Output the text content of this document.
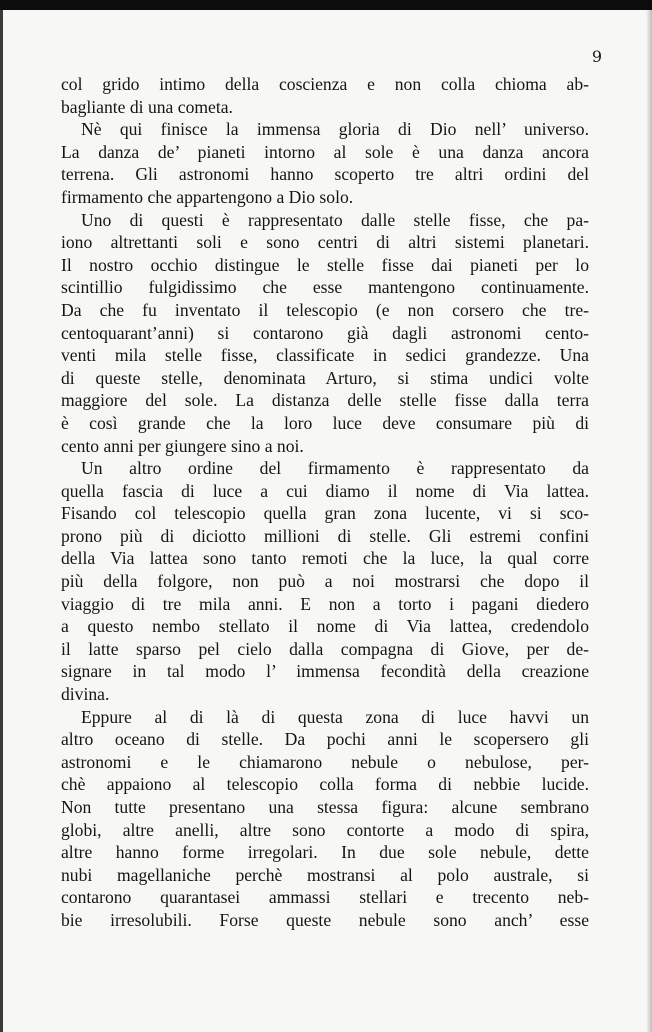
9
col grido intimo della coscienza e non colla chioma ab-
bagliante di una cometa.
Nè qui finisce la immensa gloria di Dio nell’ universo.
La danza de’ pianeti intorno al sole è una danza ancora
terrena. Gli astronomi hanno scoperto tre altri ordini del
firmamento che appartengono a Dio solo.
Uno di questi è rappresentato dalle stelle fisse, che pa-
iono altrettanti soli e sono centri di altri sistemi planetari.
Il nostro occhio distingue le stelle fisse dai pianeti per lo
scintillio fulgidissimo che esse mantengono continuamente.
Da che fu inventato il telescopio (e non corsero che tre-
centoquarant’anni) si contarono già dagli astronomi cento-
venti mila stelle fisse, classificate in sedici grandezze. Una
di queste stelle, denominata Arturo, si stima undici volte
maggiore del sole. La distanza delle stelle fisse dalla terra
è così grande che la loro luce deve consumare più di
cento anni per giungere sino a noi.
Un altro ordine del firmamento è rappresentato da
quella fascia di luce a cui diamo il nome di Via lattea.
Fisando col telescopio quella gran zona lucente, vi si sco-
prono più di diciotto millioni di stelle. Gli estremi confini
della Via lattea sono tanto remoti che la luce, la qual corre
più della folgore, non può a noi mostrarsi che dopo il
viaggio di tre mila anni. E non a torto i pagani diedero
a questo nembo stellato il nome di Via lattea, credendolo
il latte sparso pel cielo dalla compagna di Giove, per de-
signare in tal modo l’ immensa fecondità della creazione
divina.
Eppure al di là di questa zona di luce havvi un
altro oceano di stelle. Da pochi anni le scopersero gli
astronomi e le chiamarono nebule o nebulose, per-
chè appaiono al telescopio colla forma di nebbie lucide.
Non tutte presentano una stessa figura: alcune sembrano
globi, altre anelli, altre sono contorte a modo di spira,
altre hanno forme irregolari. In due sole nebule, dette
nubi magellaniche perchè mostransi al polo australe, si
contarono quarantasei ammassi stellari e trecento neb-
bie irresolubili. Forse queste nebule sono anch’ esse
